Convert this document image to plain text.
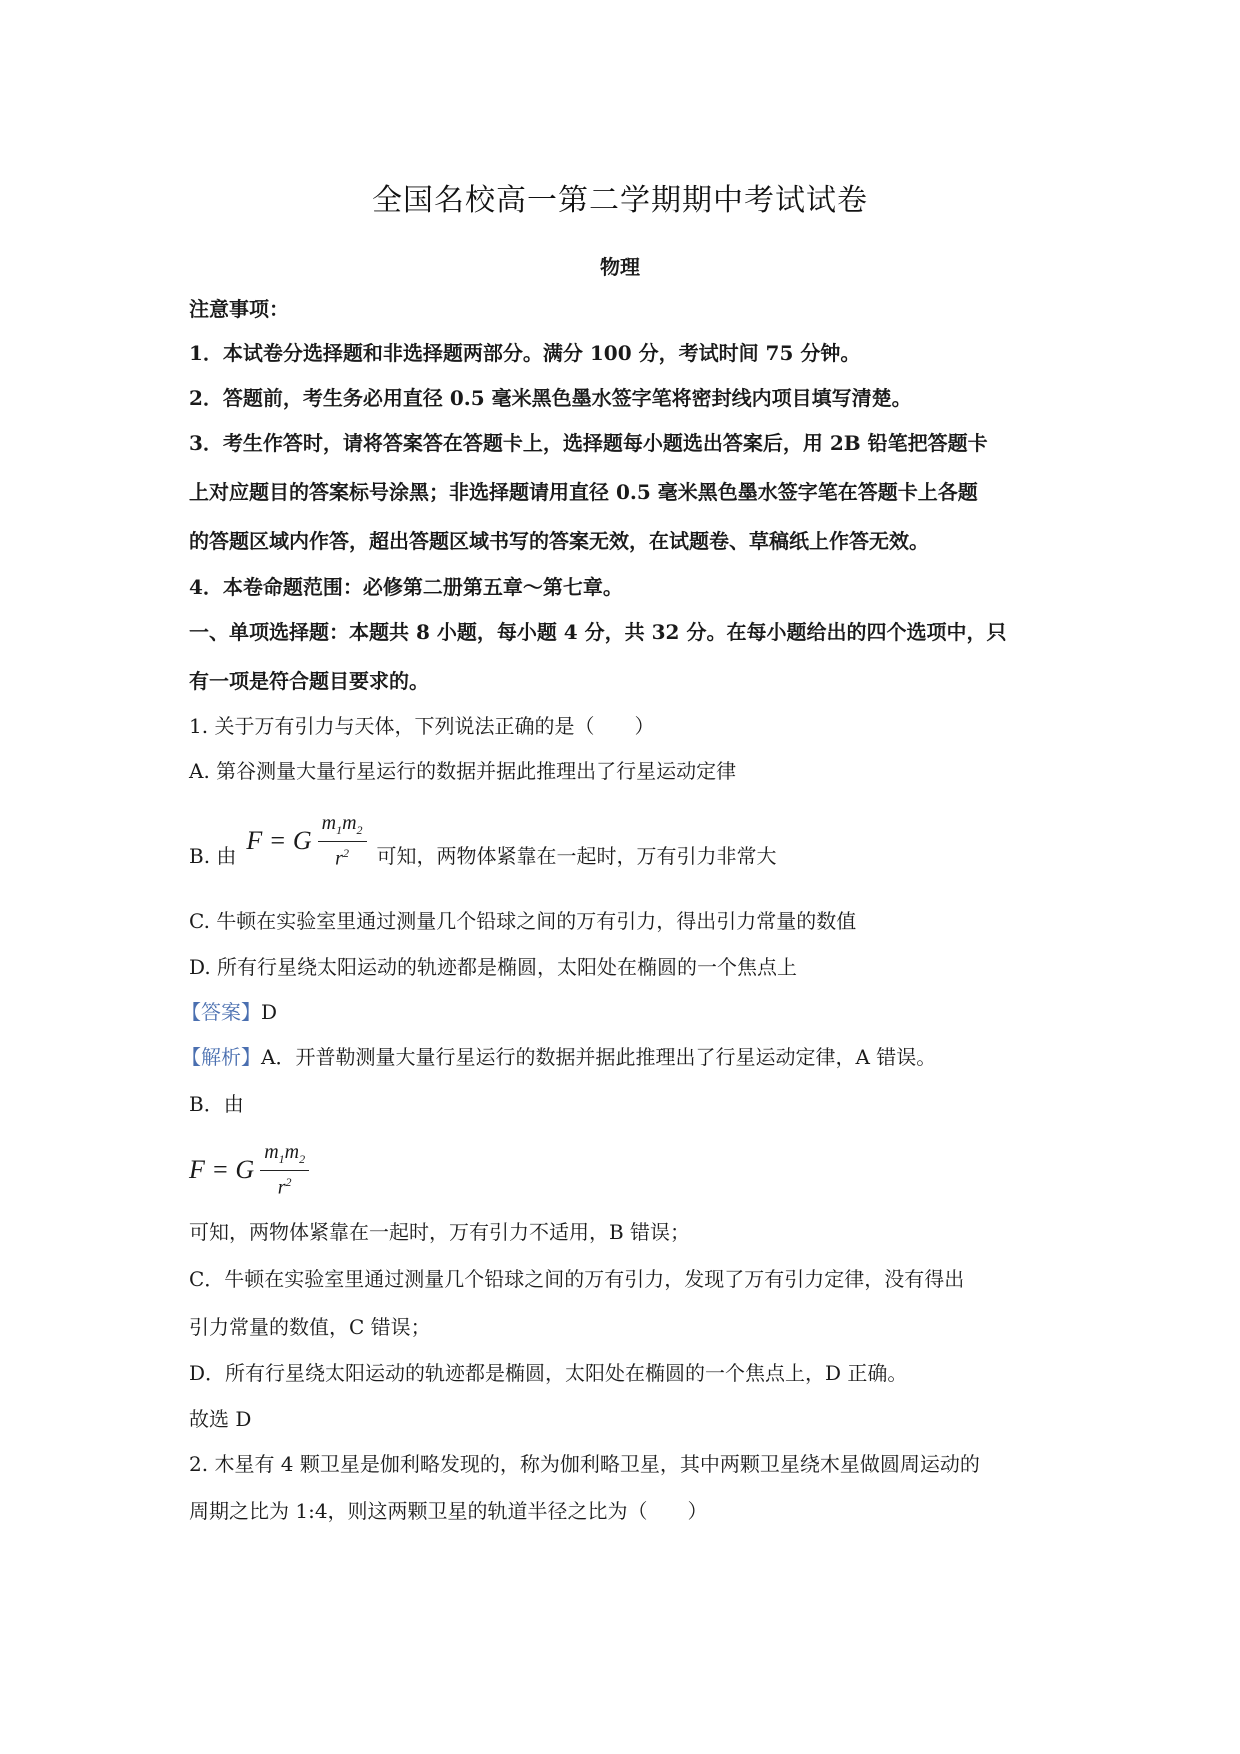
全国名校高一第二学期期中考试试卷
物理
注意事项：
1．本试卷分选择题和非选择题两部分。满分 100 分，考试时间 75 分钟。
2．答题前，考生务必用直径 0.5 毫米黑色墨水签字笔将密封线内项目填写清楚。
3．考生作答时，请将答案答在答题卡上，选择题每小题选出答案后，用 2B 铅笔把答题卡
上对应题目的答案标号涂黑；非选择题请用直径 0.5 毫米黑色墨水签字笔在答题卡上各题
的答题区域内作答，超出答题区域书写的答案无效，在试题卷、草稿纸上作答无效。
4．本卷命题范围：必修第二册第五章～第七章。
一、单项选择题：本题共 8 小题，每小题 4 分，共 32 分。在每小题给出的四个选项中，只
有一项是符合题目要求的。
1. 关于万有引力与天体，下列说法正确的是（　　）
A. 第谷测量大量行星运行的数据并据此推理出了行星运动定律
B. 由
F = G $\frac{m_1m_2}{r^2}$ 可知，两物体紧靠在一起时，万有引力非常大
C. 牛顿在实验室里通过测量几个铅球之间的万有引力，得出引力常量的数值
D. 所有行星绕太阳运动的轨迹都是椭圆，太阳处在椭圆的一个焦点上
【答案】D
【解析】A．开普勒测量大量行星运行的数据并据此推理出了行星运动定律，A 错误。
B．由
F = G $\frac{m_1m_2}{r^2}$
可知，两物体紧靠在一起时，万有引力不适用，B 错误；
C．牛顿在实验室里通过测量几个铅球之间的万有引力，发现了万有引力定律，没有得出
引力常量的数值，C 错误；
D．所有行星绕太阳运动的轨迹都是椭圆，太阳处在椭圆的一个焦点上，D 正确。
故选 D
2. 木星有 4 颗卫星是伽利略发现的，称为伽利略卫星，其中两颗卫星绕木星做圆周运动的
周期之比为 1:4，则这两颗卫星的轨道半径之比为（　　）
